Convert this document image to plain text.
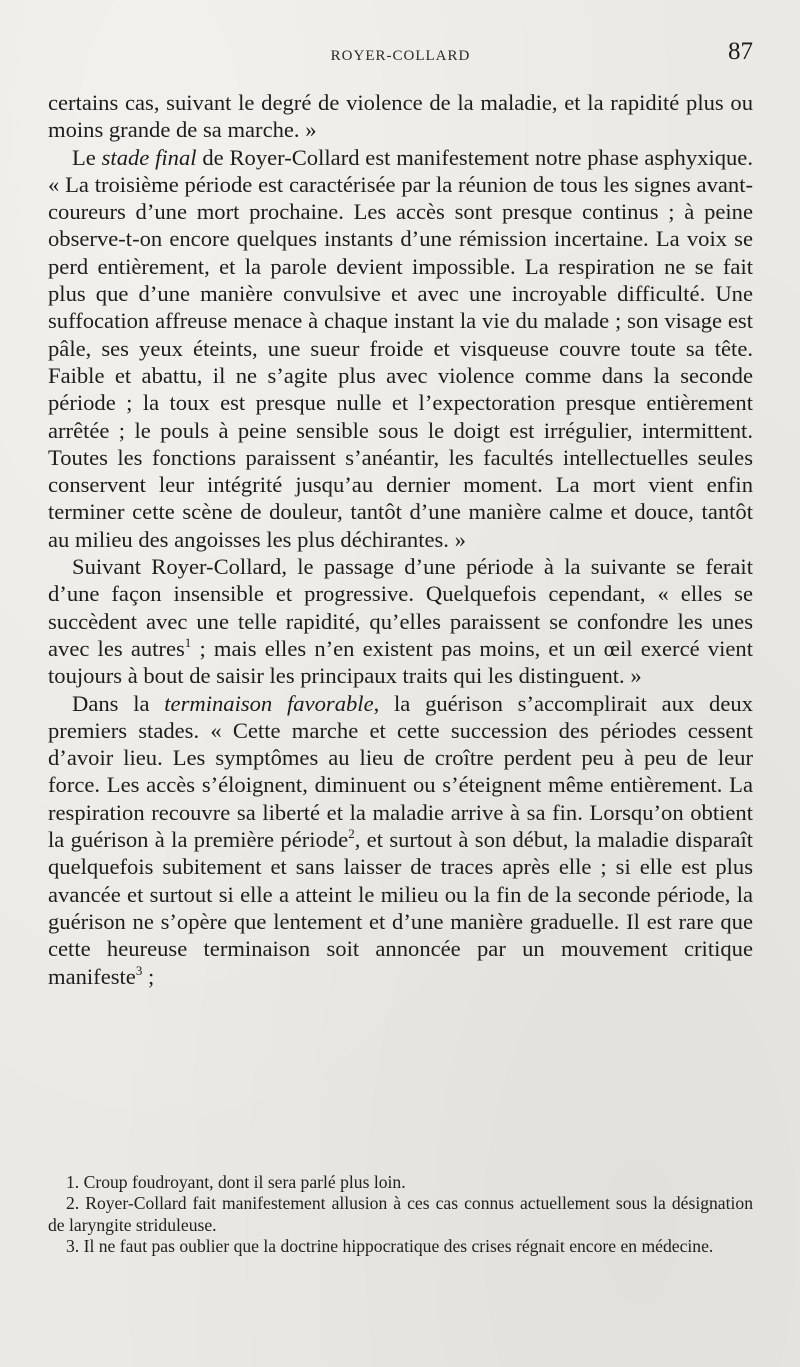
ROYER-COLLARD	87

certains cas, suivant le degré de violence de la maladie, et la rapidité plus ou moins grande de sa marche. »

Le stade final de Royer-Collard est manifestement notre phase asphyxique. « La troisième période est caractérisée par la réunion de tous les signes avant-coureurs d’une mort prochaine. Les accès sont presque continus ; à peine observe-t-on encore quelques instants d’une rémission incertaine. La voix se perd entièrement, et la parole devient impossible. La respiration ne se fait plus que d’une manière convulsive et avec une incroyable difficulté. Une suffocation affreuse menace à chaque instant la vie du malade ; son visage est pâle, ses yeux éteints, une sueur froide et visqueuse couvre toute sa tête. Faible et abattu, il ne s’agite plus avec violence comme dans la seconde période ; la toux est presque nulle et l’expectoration presque entièrement arrêtée ; le pouls à peine sensible sous le doigt est irrégulier, intermittent. Toutes les fonctions paraissent s’anéantir, les facultés intellectuelles seules conservent leur intégrité jusqu’au dernier moment. La mort vient enfin terminer cette scène de douleur, tantôt d’une manière calme et douce, tantôt au milieu des angoisses les plus déchirantes. »

Suivant Royer-Collard, le passage d’une période à la suivante se ferait d’une façon insensible et progressive. Quelquefois cependant, « elles se succèdent avec une telle rapidité, qu’elles paraissent se confondre les unes avec les autres$^1$ ; mais elles n’en existent pas moins, et un œil exercé vient toujours à bout de saisir les principaux traits qui les distinguent. »

Dans la terminaison favorable, la guérison s’accomplirait aux deux premiers stades. « Cette marche et cette succession des périodes cessent d’avoir lieu. Les symptômes au lieu de croître perdent peu à peu de leur force. Les accès s’éloignent, diminuent ou s’éteignent même entièrement. La respiration recouvre sa liberté et la maladie arrive à sa fin. Lorsqu’on obtient la guérison à la première période$^2$, et surtout à son début, la maladie disparaît quelquefois subitement et sans laisser de traces après elle ; si elle est plus avancée et surtout si elle a atteint le milieu ou la fin de la seconde période, la guérison ne s’opère que lentement et d’une manière graduelle. Il est rare que cette heureuse terminaison soit annoncée par un mouvement critique manifeste$^3$ ;

1. Croup foudroyant, dont il sera parlé plus loin.

2. Royer-Collard fait manifestement allusion à ces cas connus actuellement sous la désignation de laryngite striduleuse.

3. Il ne faut pas oublier que la doctrine hippocratique des crises régnait encore en médecine.
